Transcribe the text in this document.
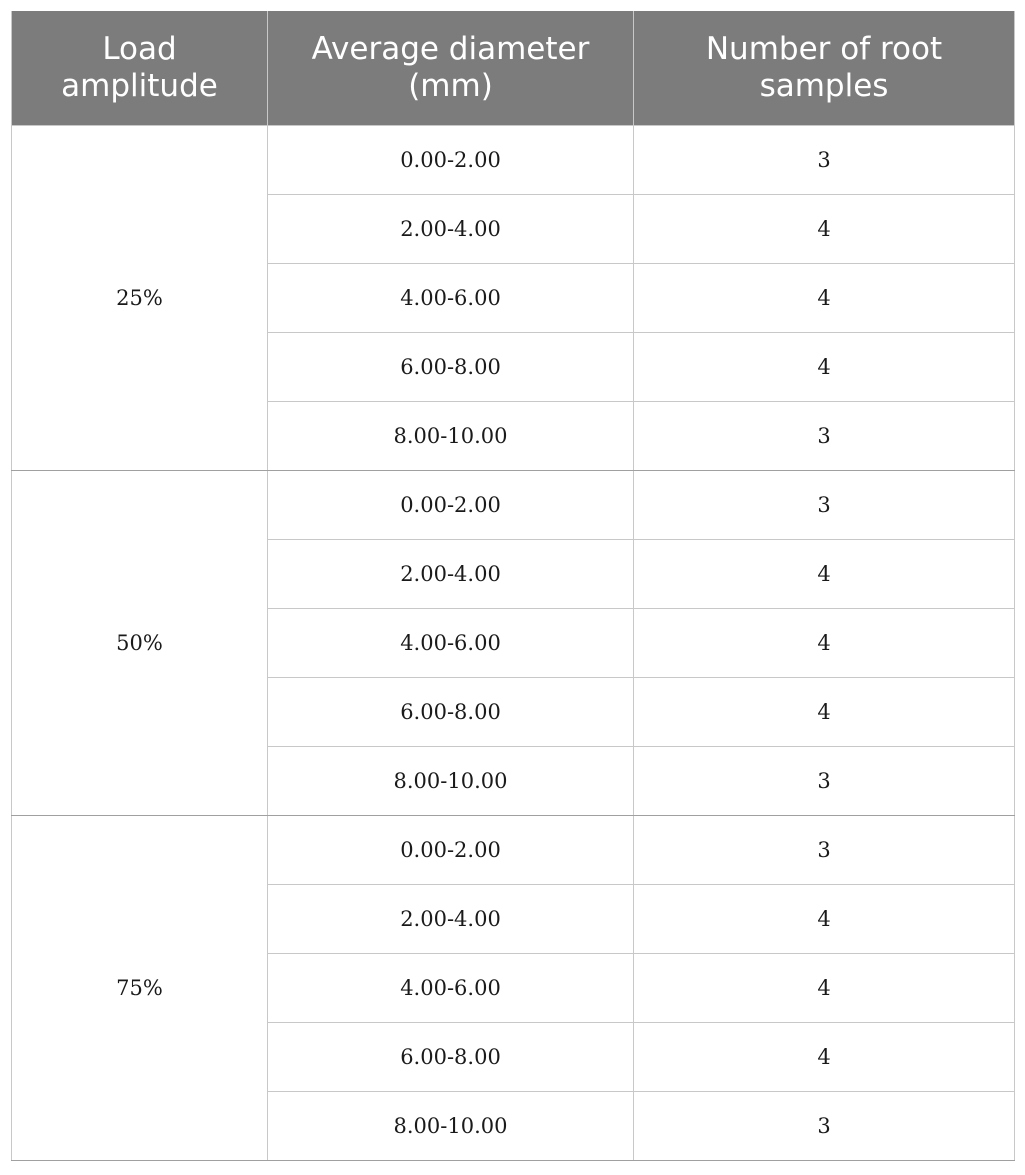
Load amplitude	Average diameter (mm)	Number of root samples
25%	0.00-2.00	3
	2.00-4.00	4
	4.00-6.00	4
	6.00-8.00	4
	8.00-10.00	3
50%	0.00-2.00	3
	2.00-4.00	4
	4.00-6.00	4
	6.00-8.00	4
	8.00-10.00	3
75%	0.00-2.00	3
	2.00-4.00	4
	4.00-6.00	4
	6.00-8.00	4
	8.00-10.00	3
